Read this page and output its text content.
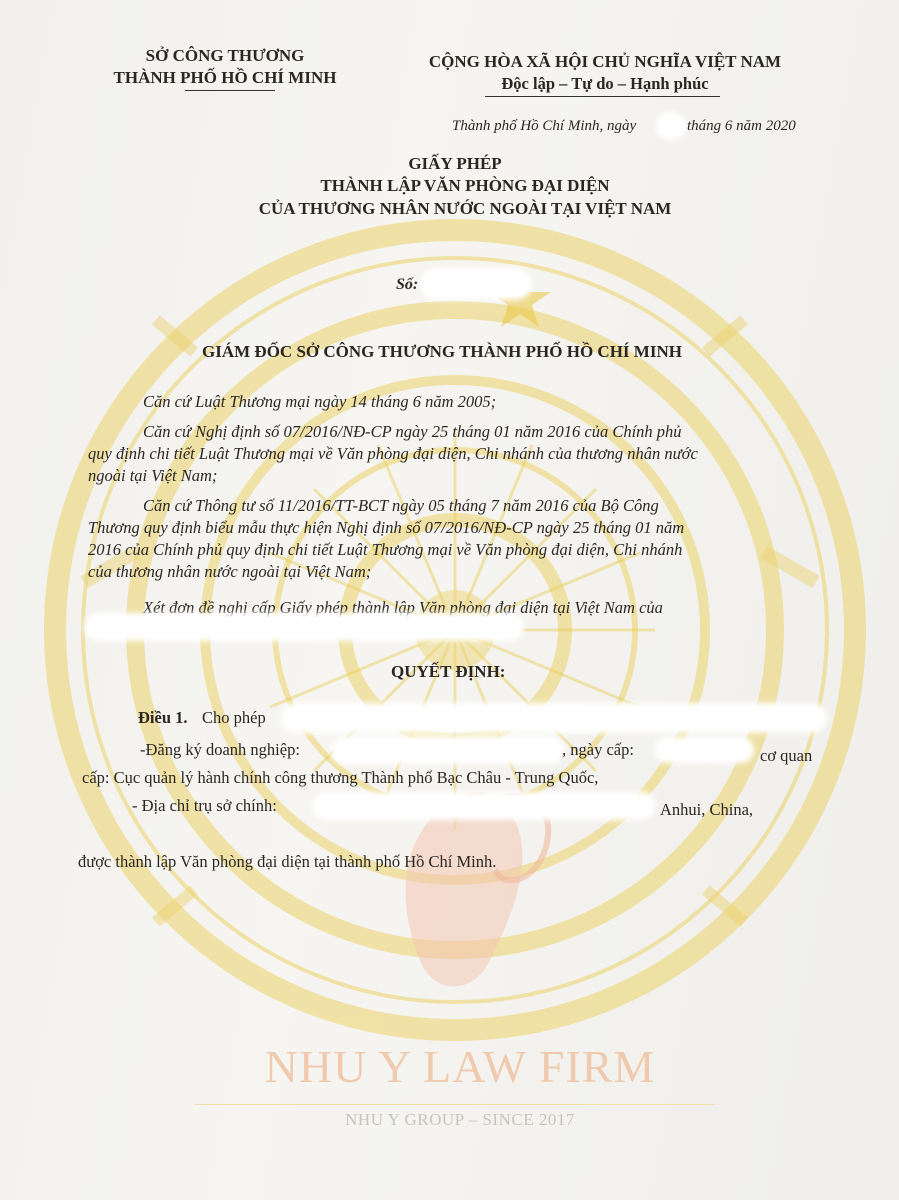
SỞ CÔNG THƯƠNG
THÀNH PHỐ HỒ CHÍ MINH
CỘNG HÒA XÃ HỘI CHỦ NGHĨA VIỆT NAM
Độc lập – Tự do – Hạnh phúc
Thành phố Hồ Chí Minh, ngày	tháng 6 năm 2020
GIẤY PHÉP
THÀNH LẬP VĂN PHÒNG ĐẠI DIỆN
CỦA THƯƠNG NHÂN NƯỚC NGOÀI TẠI VIỆT NAM
Số:
GIÁM ĐỐC SỞ CÔNG THƯƠNG THÀNH PHỐ HỒ CHÍ MINH
Căn cứ Luật Thương mại ngày 14 tháng 6 năm 2005;
Căn cứ Nghị định số 07/2016/NĐ-CP ngày 25 tháng 01 năm 2016 của Chính phủ
quy định chi tiết Luật Thương mại về Văn phòng đại diện, Chi nhánh của thương nhân nước
ngoài tại Việt Nam;
Căn cứ Thông tư số 11/2016/TT-BCT ngày 05 tháng 7 năm 2016 của Bộ Công
Thương quy định biểu mẫu thực hiện Nghị định số 07/2016/NĐ-CP ngày 25 tháng 01 năm
2016 của Chính phủ quy định chi tiết Luật Thương mại về Văn phòng đại diện, Chi nhánh
của thương nhân nước ngoài tại Việt Nam;
Xét đơn đề nghị cấp Giấy phép thành lập Văn phòng đại diện tại Việt Nam của
QUYẾT ĐỊNH:
Điều 1. Cho phép
-Đăng ký doanh nghiệp:	, ngày cấp:	cơ quan
cấp: Cục quản lý hành chính công thương Thành phố Bạc Châu - Trung Quốc,
- Địa chỉ trụ sở chính:	Anhui, China,
được thành lập Văn phòng đại diện tại thành phố Hồ Chí Minh.
NHU Y LAW FIRM
NHU Y GROUP – SINCE 2017
